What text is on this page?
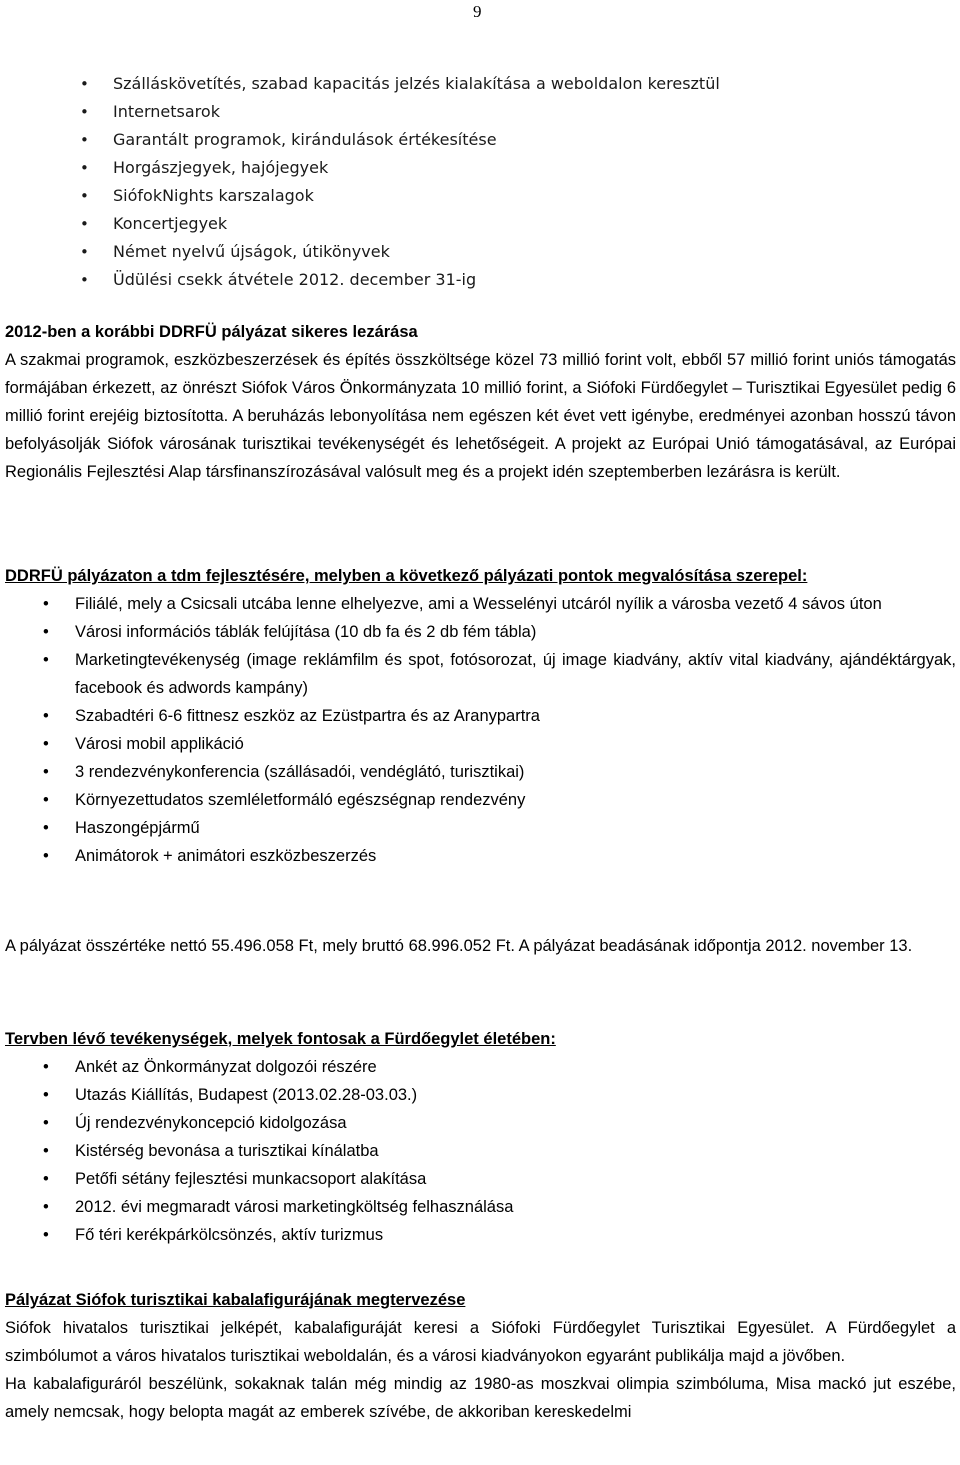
9
• Szálláskövetítés, szabad kapacitás jelzés kialakítása a weboldalon keresztül
• Internetsarok
• Garantált programok, kirándulások értékesítése
• Horgászjegyek, hajójegyek
• SiófokNights karszalagok
• Koncertjegyek
• Német nyelvű újságok, útikönyvek
• Üdülési csekk átvétele 2012. december 31-ig
2012-ben a korábbi DDRFÜ pályázat sikeres lezárása

A szakmai programok, eszközbeszerzések és építés összköltsége közel 73 millió forint volt, ebből 57 millió forint uniós támogatás formájában érkezett, az önrészt Siófok Város Önkormányzata 10 millió forint, a Siófoki Fürdőegylet – Turisztikai Egyesület pedig 6 millió forint erejéig biztosította. A beruházás lebonyolítása nem egészen két évet vett igénybe, eredményei azonban hosszú távon befolyásolják Siófok városának turisztikai tevékenységét és lehetőségeit. A projekt az Európai Unió támogatásával, az Európai Regionális Fejlesztési Alap társfinanszírozásával valósult meg és a projekt idén szeptemberben lezárásra is került.

DDRFÜ pályázaton a tdm fejlesztésére, melyben a következő pályázati pontok megvalósítása szerepel:
• Filiálé, mely a Csicsali utcába lenne elhelyezve, ami a Wesselényi utcáról nyílik a városba vezető 4 sávos úton
• Városi információs táblák felújítása (10 db fa és 2 db fém tábla)
• Marketingtevékenység (image reklámfilm és spot, fotósorozat, új image kiadvány, aktív vital kiadvány, ajándéktárgyak, facebook és adwords kampány)
• Szabadtéri 6-6 fittnesz eszköz az Ezüstpartra és az Aranypartra
• Városi mobil applikáció
• 3 rendezvénykonferencia (szállásadói, vendéglátó, turisztikai)
• Környezettudatos szemléletformáló egészségnap rendezvény
• Haszongépjármű
• Animátorok + animátori eszközbeszerzés

A pályázat összértéke nettó 55.496.058 Ft, mely bruttó 68.996.052 Ft. A pályázat beadásának időpontja 2012. november 13.

Tervben lévő tevékenységek, melyek fontosak a Fürdőegylet életében:
• Ankét az Önkormányzat dolgozói részére
• Utazás Kiállítás, Budapest (2013.02.28-03.03.)
• Új rendezvénykoncepció kidolgozása
• Kistérség bevonása a turisztikai kínálatba
• Petőfi sétány fejlesztési munkacsoport alakítása
• 2012. évi megmaradt városi marketingköltség felhasználása
• Fő téri kerékpárkölcsönzés, aktív turizmus
Pályázat Siófok turisztikai kabalafigurájának megtervezése

Siófok hivatalos turisztikai jelképét, kabalafiguráját keresi a Siófoki Fürdőegylet Turisztikai Egyesület. A Fürdőegylet a szimbólumot a város hivatalos turisztikai weboldalán, és a városi kiadványokon egyaránt publikálja majd a jövőben.

Ha kabalafiguráról beszélünk, sokaknak talán még mindig az 1980-as moszkvai olimpia szimbóluma, Misa mackó jut eszébe, amely nemcsak, hogy belopta magát az emberek szívébe, de akkoriban kereskedelmi
